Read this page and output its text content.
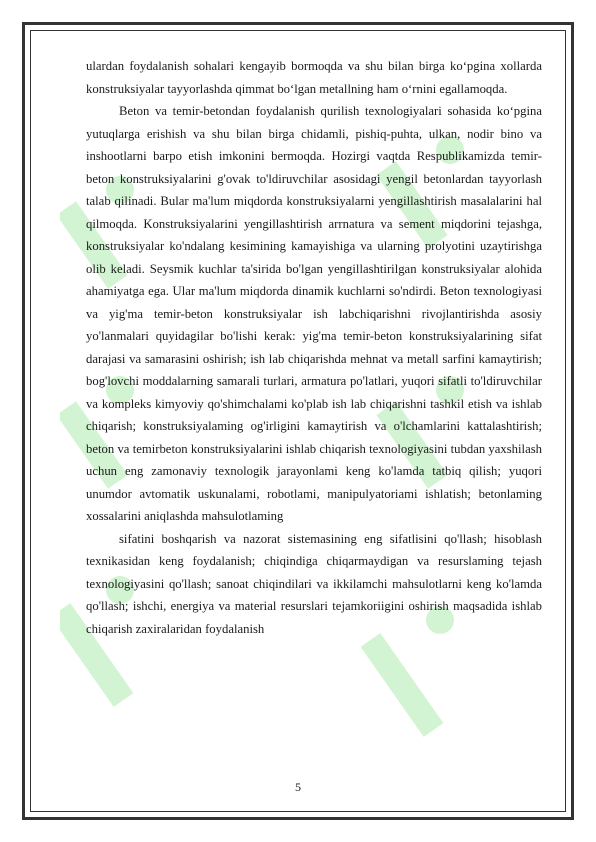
ulardan foydalanish sohalari kengayib bormoqda va shu bilan birga ko‘pgina xollarda konstruksiyalar tayyorlashda qimmat bo‘lgan metallning ham o‘rnini egallamoqda.

Beton va temir-betondan foydalanish qurilish texnologiyalari sohasida ko‘pgina yutuqlarga erishish va shu bilan birga chidamli, pishiq-puhta, ulkan, nodir bino va inshootlarni barpo etish imkonini bermoqda. Hozirgi vaqtda Respublikamizda temir-beton konstruksiyalarini g'ovak to'ldiruvchilar asosidagi yengil betonlardan tayyorlash talab qilinadi. Bular ma'lum miqdorda konstruksiyalarni yengillashtirish masalalarini hal qilmoqda. Konstruksiyalarini yengillashtirish arrnatura va sement miqdorini tejashga, konstruksiyalar ko'ndalang kesimining kamayishiga va ularning prolyotini uzaytirishga olib keladi. Seysmik kuchlar ta'sirida bo'lgan yengillashtirilgan konstruksiyalar alohida ahamiyatga ega. Ular ma'lum miqdorda dinamik kuchlarni so'ndirdi. Beton texnologiyasi va yig'ma temir-beton konstruksiyalar ish labchiqarishni rivojlantirishda asosiy yo'lanmalari quyidagilar bo'lishi kerak: yig'ma temir-beton konstruksiyalarining sifat darajasi va samarasini oshirish; ish lab chiqarishda mehnat va metall sarfini kamaytirish; bog'lovchi moddalarning samarali turlari, armatura po'latlari, yuqori sifatli to'ldiruvchilar va kompleks kimyoviy qo'shimchalami ko'plab ish lab chiqarishni tashkil etish va ishlab chiqarish; konstruksiyalaming og'irligini kamaytirish va o'lchamlarini kattalashtirish; beton va temirbeton konstruksiyalarini ishlab chiqarish texnologiyasini tubdan yaxshilash uchun eng zamonaviy texnologik jarayonlami keng ko'lamda tatbiq qilish; yuqori unumdor avtomatik uskunalami, robotlami, manipulyatoriami ishlatish; betonlaming xossalarini aniqlashda mahsulotlaming

sifatini boshqarish va nazorat sistemasining eng sifatlisini qo'llash; hisoblash texnikasidan keng foydalanish; chiqindiga chiqarmaydigan va resurslaming tejash texnologiyasini qo'llash; sanoat chiqindilari va ikkilamchi mahsulotlarni keng ko'lamda qo'llash; ishchi, energiya va material resurslari tejamkoriigini oshirish maqsadida ishlab chiqarish zaxiralaridan foydalanish

5
